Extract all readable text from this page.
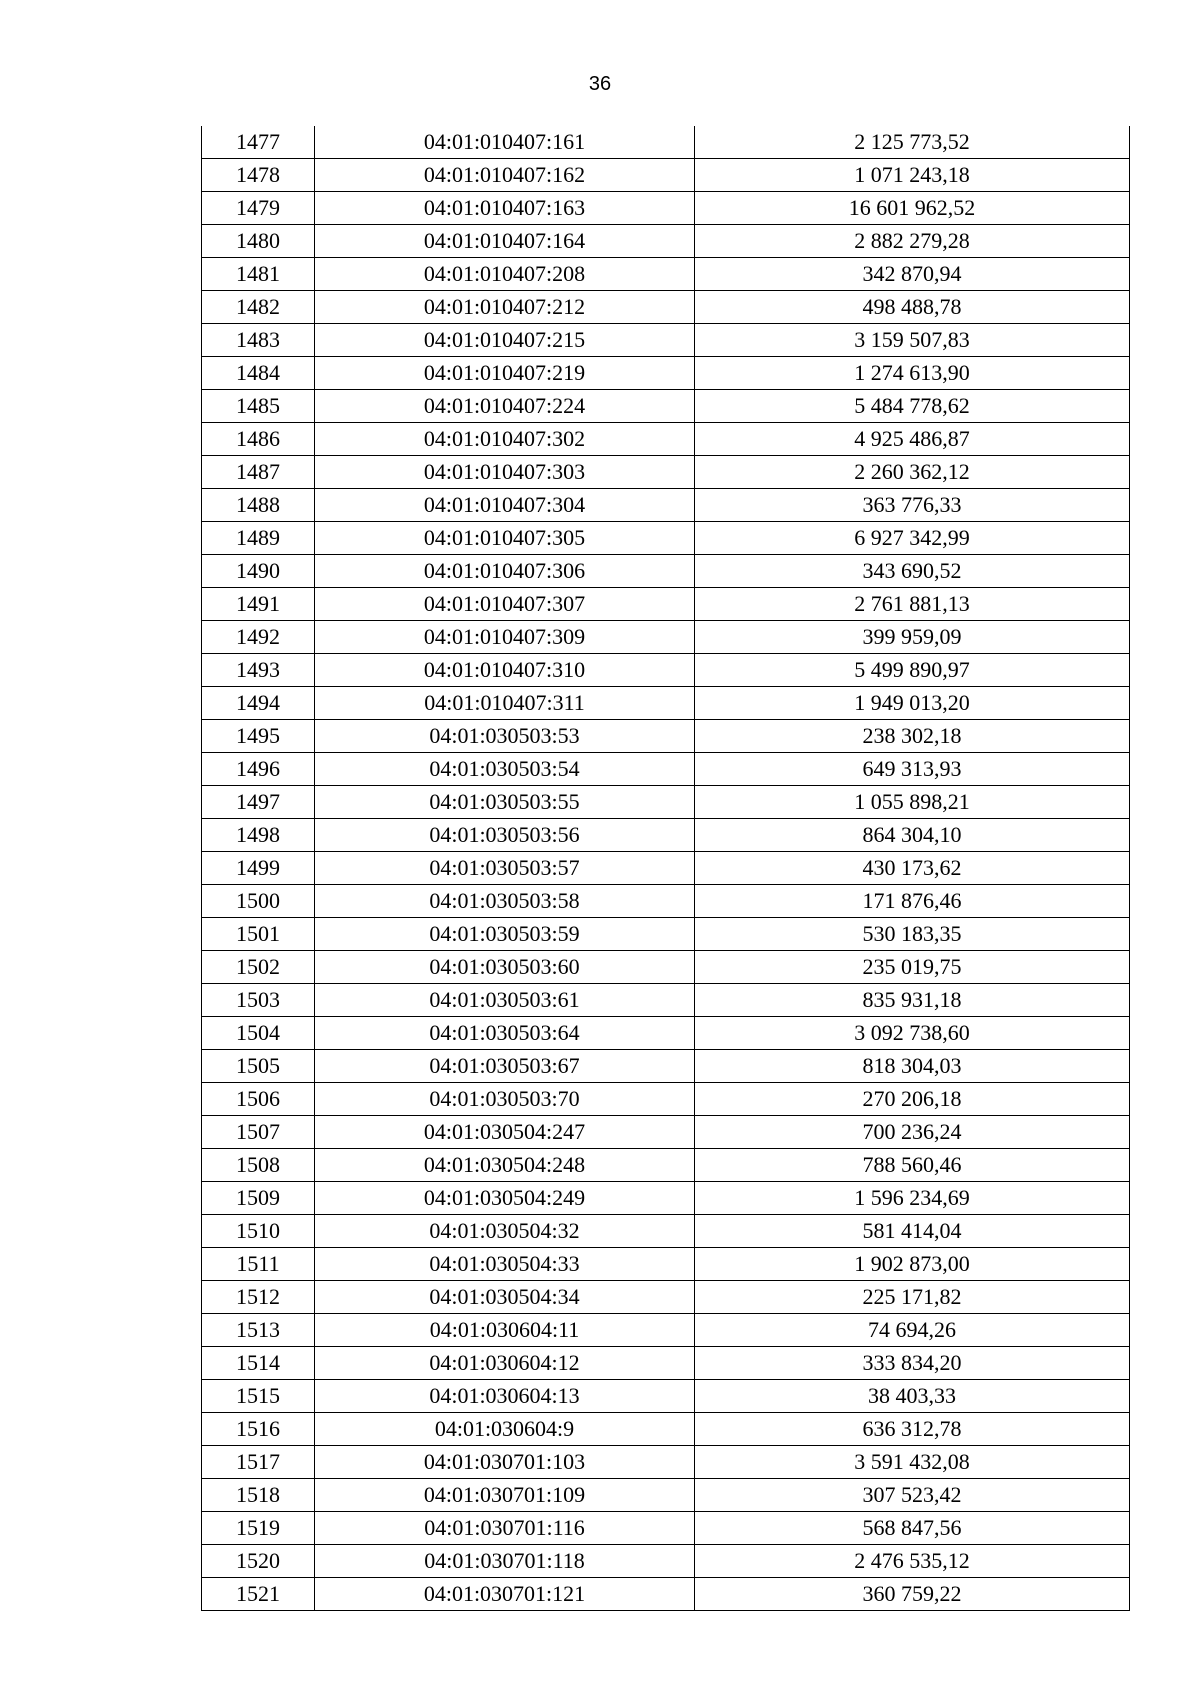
36
1477	04:01:010407:161	2 125 773,52
1478	04:01:010407:162	1 071 243,18
1479	04:01:010407:163	16 601 962,52
1480	04:01:010407:164	2 882 279,28
1481	04:01:010407:208	342 870,94
1482	04:01:010407:212	498 488,78
1483	04:01:010407:215	3 159 507,83
1484	04:01:010407:219	1 274 613,90
1485	04:01:010407:224	5 484 778,62
1486	04:01:010407:302	4 925 486,87
1487	04:01:010407:303	2 260 362,12
1488	04:01:010407:304	363 776,33
1489	04:01:010407:305	6 927 342,99
1490	04:01:010407:306	343 690,52
1491	04:01:010407:307	2 761 881,13
1492	04:01:010407:309	399 959,09
1493	04:01:010407:310	5 499 890,97
1494	04:01:010407:311	1 949 013,20
1495	04:01:030503:53	238 302,18
1496	04:01:030503:54	649 313,93
1497	04:01:030503:55	1 055 898,21
1498	04:01:030503:56	864 304,10
1499	04:01:030503:57	430 173,62
1500	04:01:030503:58	171 876,46
1501	04:01:030503:59	530 183,35
1502	04:01:030503:60	235 019,75
1503	04:01:030503:61	835 931,18
1504	04:01:030503:64	3 092 738,60
1505	04:01:030503:67	818 304,03
1506	04:01:030503:70	270 206,18
1507	04:01:030504:247	700 236,24
1508	04:01:030504:248	788 560,46
1509	04:01:030504:249	1 596 234,69
1510	04:01:030504:32	581 414,04
1511	04:01:030504:33	1 902 873,00
1512	04:01:030504:34	225 171,82
1513	04:01:030604:11	74 694,26
1514	04:01:030604:12	333 834,20
1515	04:01:030604:13	38 403,33
1516	04:01:030604:9	636 312,78
1517	04:01:030701:103	3 591 432,08
1518	04:01:030701:109	307 523,42
1519	04:01:030701:116	568 847,56
1520	04:01:030701:118	2 476 535,12
1521	04:01:030701:121	360 759,22
